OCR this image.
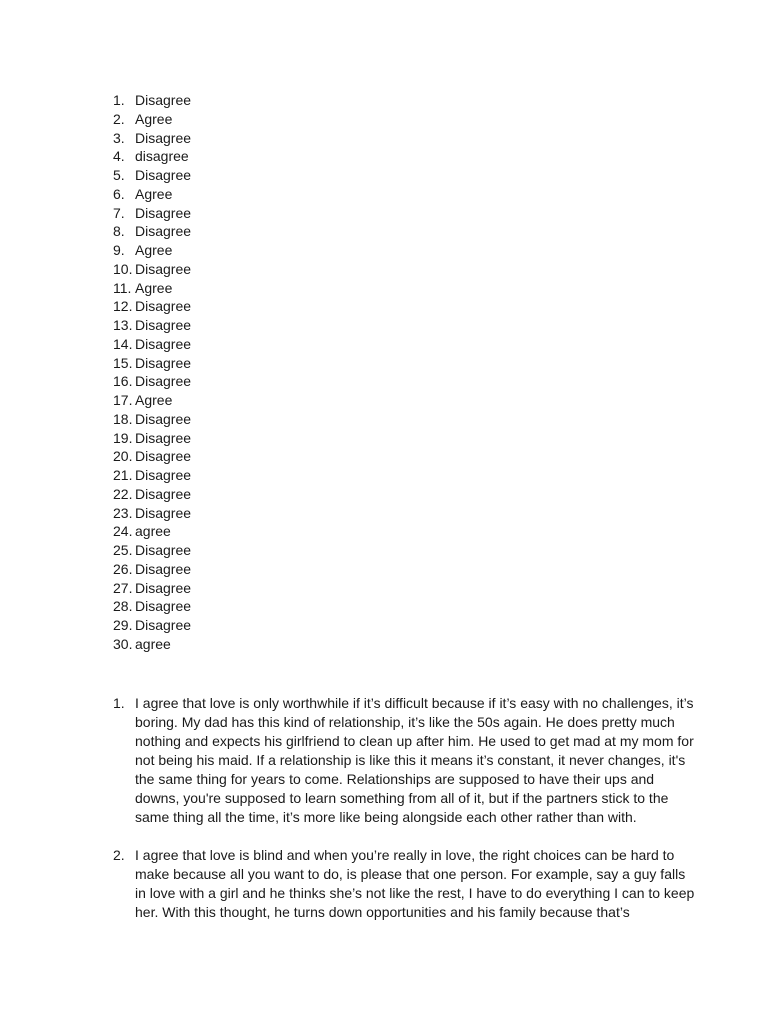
1. Disagree
2. Agree
3. Disagree
4. disagree
5. Disagree
6. Agree
7. Disagree
8. Disagree
9. Agree
10. Disagree
11. Agree
12. Disagree
13. Disagree
14. Disagree
15. Disagree
16. Disagree
17. Agree
18. Disagree
19. Disagree
20. Disagree
21. Disagree
22. Disagree
23. Disagree
24. agree
25. Disagree
26. Disagree
27. Disagree
28. Disagree
29. Disagree
30. agree
1. I agree that love is only worthwhile if it’s difficult because if it’s easy with no challenges, it’s boring. My dad has this kind of relationship, it’s like the 50s again. He does pretty much nothing and expects his girlfriend to clean up after him. He used to get mad at my mom for not being his maid. If a relationship is like this it means it’s constant, it never changes, it's the same thing for years to come. Relationships are supposed to have their ups and downs, you're supposed to learn something from all of it, but if the partners stick to the same thing all the time, it’s more like being alongside each other rather than with.
2. I agree that love is blind and when you’re really in love, the right choices can be hard to make because all you want to do, is please that one person. For example, say a guy falls in love with a girl and he thinks she’s not like the rest, I have to do everything I can to keep her. With this thought, he turns down opportunities and his family because that’s
